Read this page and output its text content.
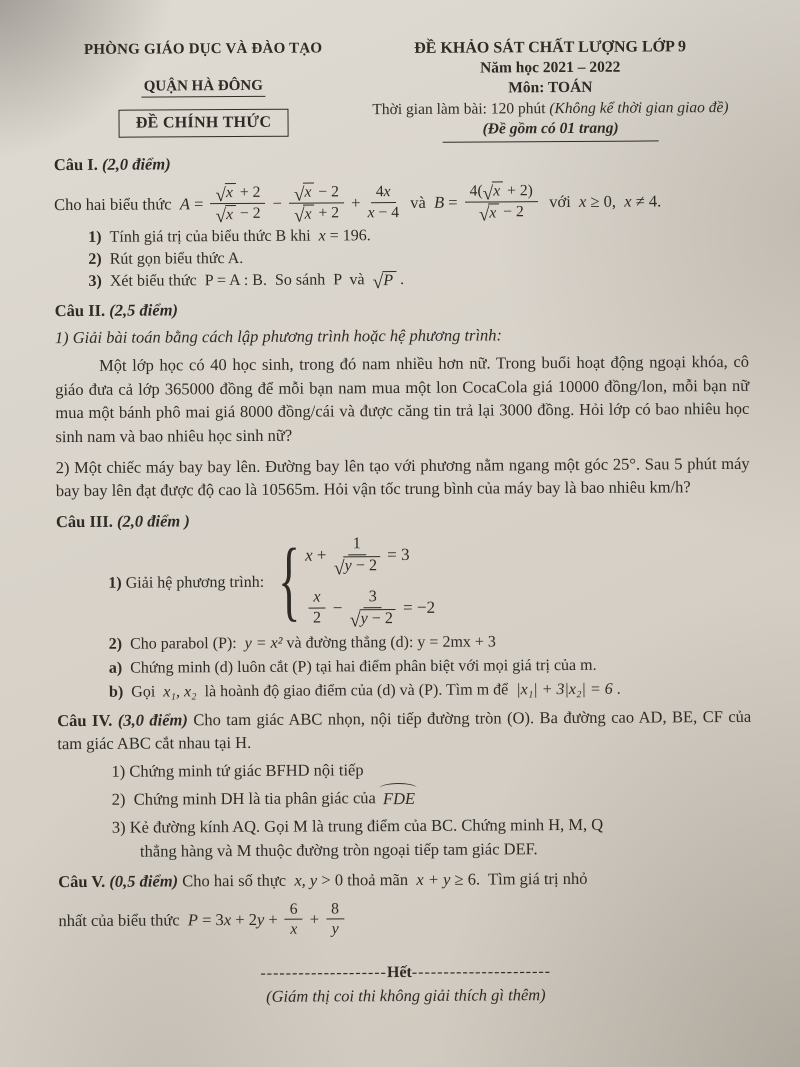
PHÒNG GIÁO DỤC VÀ ĐÀO TẠO

QUẬN HÀ ĐÔNG
ĐỀ CHÍNH THỨC
ĐỀ KHẢO SÁT CHẤT LƯỢNG LỚP 9
Năm học 2021 – 2022
Môn: TOÁN
Thời gian làm bài: 120 phút (Không kể thời gian giao đề)
(Đề gồm có 01 trang)

Câu I. (2,0 điểm)

Cho hai biểu thức $A = \frac{√ x + 2}{√ x - 2} - \frac{√ x - 2}{√ x + 2} + \frac{4 x}{x - 4}$ và $B = \frac{4( √ x + 2)}{√ x - 2}$ với x ≥ 0, x ≠ 4.

1) Tính giá trị của biểu thức B khi x = 196.
2) Rút gọn biểu thức A.
3) Xét biểu thức  P = A : B.  So sánh  P  và √ P .

Câu II. (2,5 điểm)

1) Giải bài toán bằng cách lập phương trình hoặc hệ phương trình:

Một lớp học có 40 học sinh, trong đó nam nhiều hơn nữ. Trong buổi hoạt động ngoại khóa, cô giáo đưa cả lớp 365000 đồng để mỗi bạn nam mua một lon CocaCola giá 10000 đồng/lon, mỗi bạn nữ mua một bánh phô mai giá 8000 đồng/cái và được căng tin trả lại 3000 đồng. Hỏi lớp có bao nhiêu học sinh nam và bao nhiêu học sinh nữ?

2) Một chiếc máy bay bay lên. Đường bay lên tạo với phương nằm ngang một góc 25°. Sau 5 phút máy bay bay lên đạt được độ cao là 10565m. Hỏi vận tốc trung bình của máy bay là bao nhiêu km/h?

Câu III. (2,0 điểm )

1) Giải hệ phương trình: { $x + \frac{1}{√ y - 2} = 3$
x
2
− $\frac{3}{√ y - 2} = -2$
2) Cho parabol (P): y = x² và đường thẳng (d): y = 2mx + 3
a) Chứng minh (d) luôn cắt (P) tại hai điểm phân biệt với mọi giá trị của m.
b) Gọi x₁, x₂ là hoành độ giao điểm của (d) và (P). Tìm m để |x₁| + 3|x₂| = 6 .

Câu IV. (3,0 điểm) Cho tam giác ABC nhọn, nội tiếp đường tròn (O). Ba đường cao AD, BE, CF của tam giác ABC cắt nhau tại H.

1) Chứng minh tứ giác BFHD nội tiếp

2)  Chứng minh DH là tia phân giác của FDE

3) Kẻ đường kính AQ. Gọi M là trung điểm của BC. Chứng minh H, M, Q

thẳng hàng và M thuộc đường tròn ngoại tiếp tam giác DEF.

Câu V. (0,5 điểm) Cho hai số thực x, y > 0 thoả mãn x + y ≥ 6.  Tìm giá trị nhỏ

nhất của biểu thức P = 3 x + 2 $y + \frac{6}{x} + \frac{8}{y}$

--------------------Hết----------------------
(Giám thị coi thi không giải thích gì thêm)
